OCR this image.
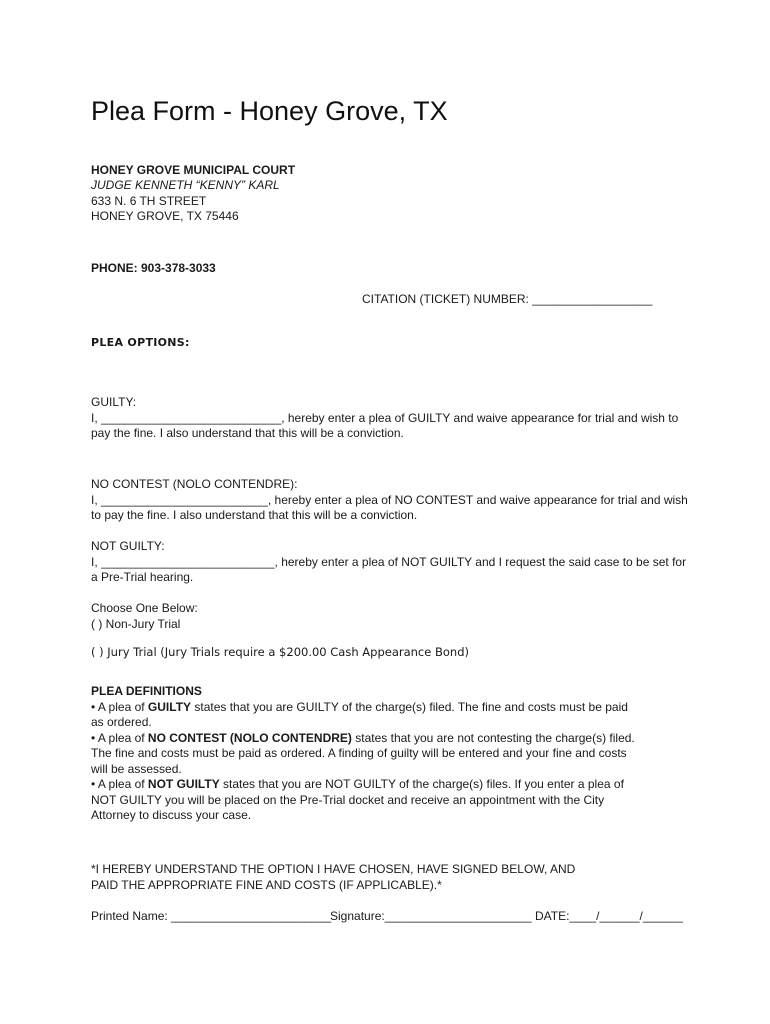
Plea Form - Honey Grove, TX
HONEY GROVE MUNICIPAL COURT
JUDGE KENNETH “KENNY” KARL
633 N. 6 TH STREET
HONEY GROVE, TX 75446
PHONE: 903-378-3033
CITATION (TICKET) NUMBER: __________________
PLEA OPTIONS:
GUILTY:
I, ___________________________, hereby enter a plea of GUILTY and waive appearance for trial and wish to
pay the fine. I also understand that this will be a conviction.
NO CONTEST (NOLO CONTENDRE):
I, _________________________, hereby enter a plea of NO CONTEST and waive appearance for trial and wish
to pay the fine. I also understand that this will be a conviction.
NOT GUILTY:
I, __________________________, hereby enter a plea of NOT GUILTY and I request the said case to be set for
a Pre-Trial hearing.
Choose One Below:
( ) Non-Jury Trial
( ) Jury Trial (Jury Trials require a $200.00 Cash Appearance Bond)
PLEA DEFINITIONS
• A plea of GUILTY states that you are GUILTY of the charge(s) filed. The fine and costs must be paid
as ordered.
• A plea of NO CONTEST (NOLO CONTENDRE) states that you are not contesting the charge(s) filed.
The fine and costs must be paid as ordered. A finding of guilty will be entered and your fine and costs
will be assessed.
• A plea of NOT GUILTY states that you are NOT GUILTY of the charge(s) files. If you enter a plea of
NOT GUILTY you will be placed on the Pre-Trial docket and receive an appointment with the City
Attorney to discuss your case.
*I HEREBY UNDERSTAND THE OPTION I HAVE CHOSEN, HAVE SIGNED BELOW, AND
PAID THE APPROPRIATE FINE AND COSTS (IF APPLICABLE).*
Printed Name: ________________________
Signature:______________________ DATE:____/______/______
